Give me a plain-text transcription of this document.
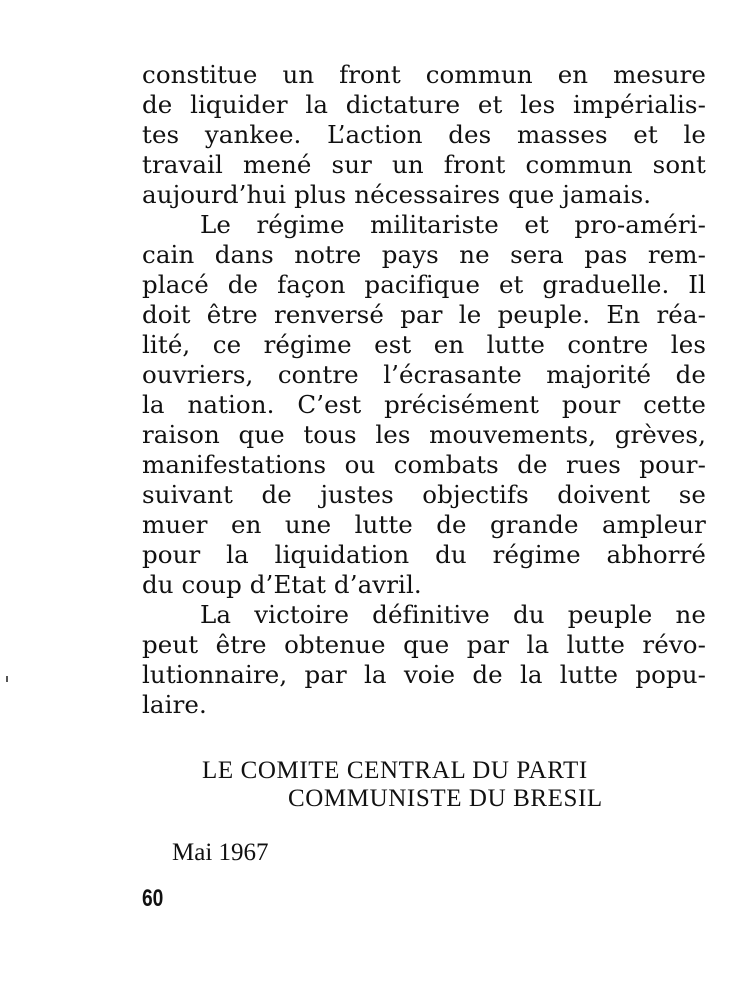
constitue un front commun en mesure
de liquider la dictature et les impérialis-
tes yankee. L’action des masses et le
travail mené sur un front commun sont
aujourd’hui plus nécessaires que jamais.
Le régime militariste et pro-améri-
cain dans notre pays ne sera pas rem-
placé de façon pacifique et graduelle. Il
doit être renversé par le peuple. En réa-
lité, ce régime est en lutte contre les
ouvriers, contre l’écrasante majorité de
la nation. C’est précisément pour cette
raison que tous les mouvements, grèves,
manifestations ou combats de rues pour-
suivant de justes objectifs doivent se
muer en une lutte de grande ampleur
pour la liquidation du régime abhorré
du coup d’Etat d’avril.
La victoire définitive du peuple ne
peut être obtenue que par la lutte révo-
lutionnaire, par la voie de la lutte popu-
laire.
LE COMITE CENTRAL DU PARTI
COMMUNISTE DU BRESIL
Mai 1967
60
